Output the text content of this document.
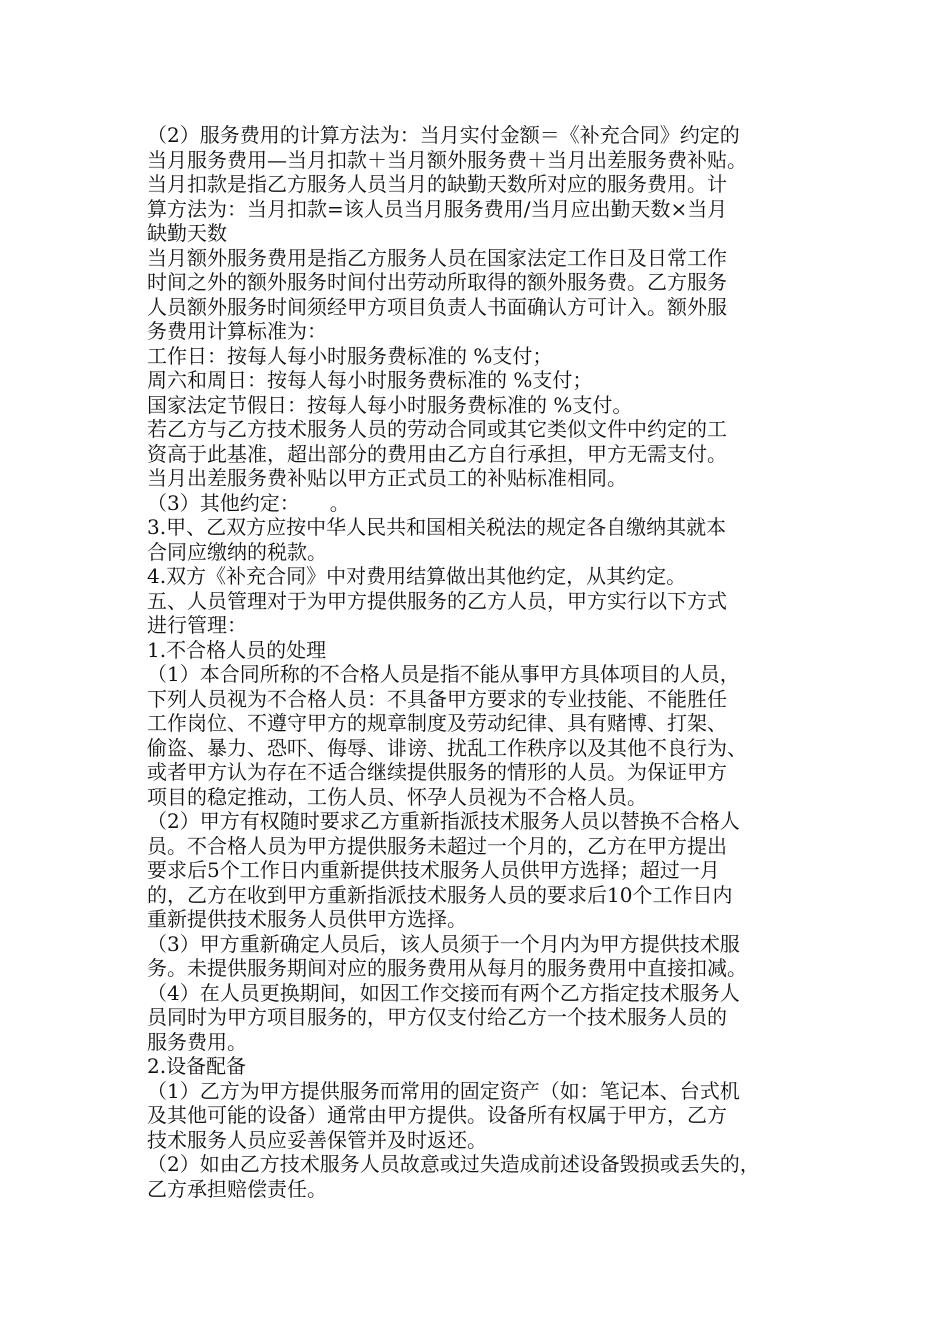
（2）服务费用的计算方法为：当月实付金额＝《补充合同》约定的
当月服务费用—当月扣款＋当月额外服务费＋当月出差服务费补贴。
当月扣款是指乙方服务人员当月的缺勤天数所对应的服务费用。计
算方法为：当月扣款=该人员当月服务费用/当月应出勤天数×当月
缺勤天数
当月额外服务费用是指乙方服务人员在国家法定工作日及日常工作
时间之外的额外服务时间付出劳动所取得的额外服务费。乙方服务
人员额外服务时间须经甲方项目负责人书面确认方可计入。额外服
务费用计算标准为：
工作日：按每人每小时服务费标准的 %支付；
周六和周日：按每人每小时服务费标准的 %支付；
国家法定节假日：按每人每小时服务费标准的 %支付。
若乙方与乙方技术服务人员的劳动合同或其它类似文件中约定的工
资高于此基准，超出部分的费用由乙方自行承担，甲方无需支付。
当月出差服务费补贴以甲方正式员工的补贴标准相同。
（3）其他约定：　　。
3.甲、乙双方应按中华人民共和国相关税法的规定各自缴纳其就本
合同应缴纳的税款。
4.双方《补充合同》中对费用结算做出其他约定，从其约定。
五、人员管理对于为甲方提供服务的乙方人员，甲方实行以下方式
进行管理：
1.不合格人员的处理
（1）本合同所称的不合格人员是指不能从事甲方具体项目的人员，
下列人员视为不合格人员：不具备甲方要求的专业技能、不能胜任
工作岗位、不遵守甲方的规章制度及劳动纪律、具有赌博、打架、
偷盗、暴力、恐吓、侮辱、诽谤、扰乱工作秩序以及其他不良行为、
或者甲方认为存在不适合继续提供服务的情形的人员。为保证甲方
项目的稳定推动，工伤人员、怀孕人员视为不合格人员。
（2）甲方有权随时要求乙方重新指派技术服务人员以替换不合格人
员。不合格人员为甲方提供服务未超过一个月的，乙方在甲方提出
要求后5个工作日内重新提供技术服务人员供甲方选择；超过一月
的，乙方在收到甲方重新指派技术服务人员的要求后10个工作日内
重新提供技术服务人员供甲方选择。
（3）甲方重新确定人员后，该人员须于一个月内为甲方提供技术服
务。未提供服务期间对应的服务费用从每月的服务费用中直接扣减。
（4）在人员更换期间，如因工作交接而有两个乙方指定技术服务人
员同时为甲方项目服务的，甲方仅支付给乙方一个技术服务人员的
服务费用。
2.设备配备
（1）乙方为甲方提供服务而常用的固定资产（如：笔记本、台式机
及其他可能的设备）通常由甲方提供。设备所有权属于甲方，乙方
技术服务人员应妥善保管并及时返还。
（2）如由乙方技术服务人员故意或过失造成前述设备毁损或丢失的，
乙方承担赔偿责任。
